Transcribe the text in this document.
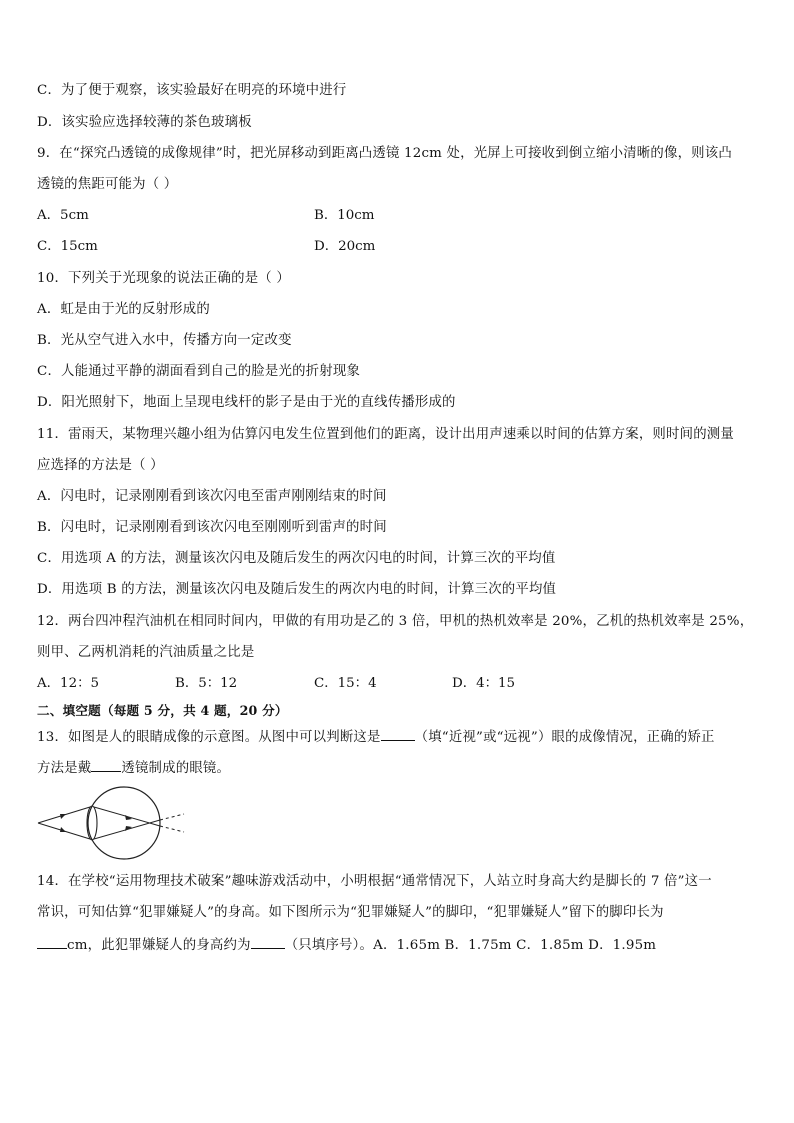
C．为了便于观察，该实验最好在明亮的环境中进行
D．该实验应选择较薄的茶色玻璃板
9．在“探究凸透镜的成像规律”时，把光屏移动到距离凸透镜 12cm 处，光屏上可接收到倒立缩小清晰的像，则该凸
透镜的焦距可能为（ ）
A．5cm	B．10cm
C．15cm	D．20cm
10．下列关于光现象的说法正确的是（ ）
A．虹是由于光的反射形成的
B．光从空气进入水中，传播方向一定改变
C．人能通过平静的湖面看到自己的脸是光的折射现象
D．阳光照射下，地面上呈现电线杆的影子是由于光的直线传播形成的
11．雷雨天，某物理兴趣小组为估算闪电发生位置到他们的距离，设计出用声速乘以时间的估算方案，则时间的测量
应选择的方法是（ ）
A．闪电时，记录刚刚看到该次闪电至雷声刚刚结束的时间
B．闪电时，记录刚刚看到该次闪电至刚刚听到雷声的时间
C．用选项 A 的方法，测量该次闪电及随后发生的两次闪电的时间，计算三次的平均值
D．用选项 B 的方法，测量该次闪电及随后发生的两次内电的时间，计算三次的平均值
12．两台四冲程汽油机在相同时间内，甲做的有用功是乙的 3 倍，甲机的热机效率是 20%，乙机的热机效率是 25%，
则甲、乙两机消耗的汽油质量之比是
A．12：5	B．5：12	C．15：4	D．4：15
二、填空题（每题 5 分，共 4 题，20 分）
13．如图是人的眼睛成像的示意图。从图中可以判断这是	（填“近视”或“远视”）眼的成像情况，正确的矫正
方法是戴 透镜制成的眼镜。
14．在学校“运用物理技术破案”趣味游戏活动中，小明根据“通常情况下，人站立时身高大约是脚长的 7 倍”这一
常识，可知估算“犯罪嫌疑人”的身高。如下图所示为“犯罪嫌疑人”的脚印，“犯罪嫌疑人”留下的脚印长为
cm，此犯罪嫌疑人的身高约为	（只填序号）。A．1.65m B．1.75m C．1.85m D．1.95m
